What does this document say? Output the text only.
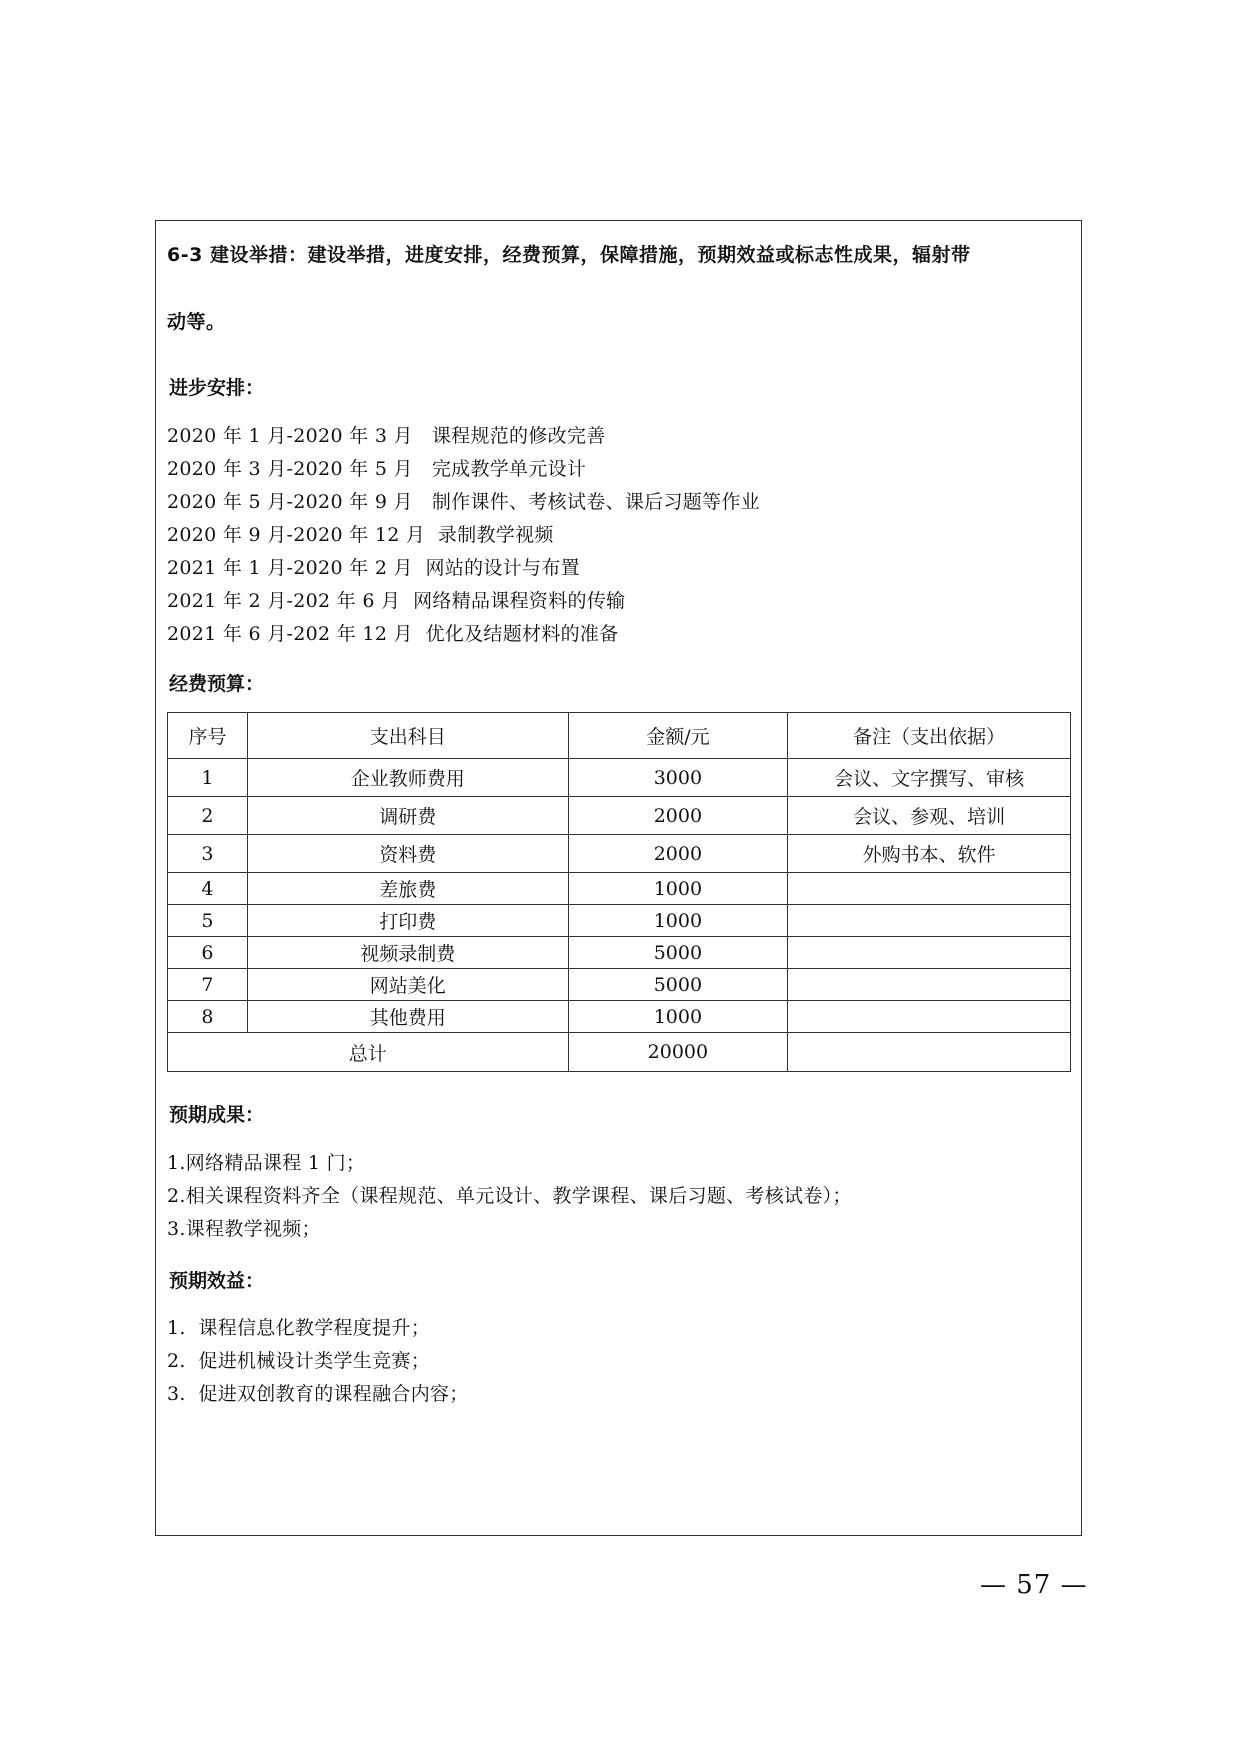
6-3 建设举措：建设举措，进度安排，经费预算，保障措施，预期效益或标志性成果，辐射带
动等。
进步安排：
2020 年 1 月-2020 年 3 月   课程规范的修改完善
2020 年 3 月-2020 年 5 月   完成教学单元设计
2020 年 5 月-2020 年 9 月   制作课件、考核试卷、课后习题等作业
2020 年 9 月-2020 年 12 月  录制教学视频
2021 年 1 月-2020 年 2 月  网站的设计与布置
2021 年 2 月-202 年 6 月  网络精品课程资料的传输
2021 年 6 月-202 年 12 月  优化及结题材料的准备
经费预算：
序号	支出科目	金额/元	备注（支出依据）
1	企业教师费用	3000	会议、文字撰写、审核
2	调研费	2000	会议、参观、培训
3	资料费	2000	外购书本、软件
4	差旅费	1000	
5	打印费	1000	
6	视频录制费	5000	
7	网站美化	5000	
8	其他费用	1000	
总计		20000	
预期成果：
1.网络精品课程 1 门；
2.相关课程资料齐全（课程规范、单元设计、教学课程、课后习题、考核试卷）；
3.课程教学视频；
预期效益：
1.  课程信息化教学程度提升；
2.  促进机械设计类学生竞赛；
3.  促进双创教育的课程融合内容；
— 57 —
